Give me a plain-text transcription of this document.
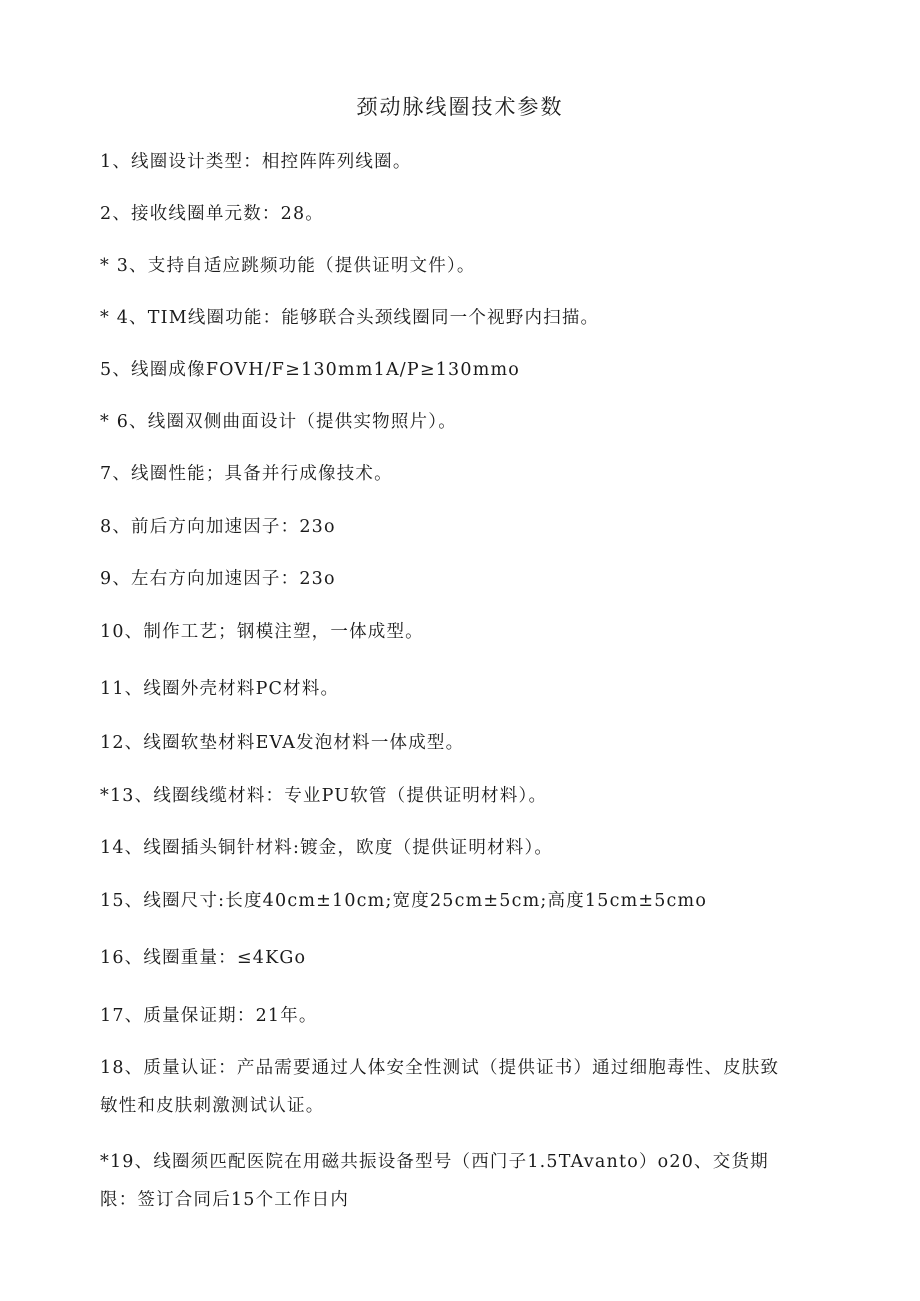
颈动脉线圈技术参数
1、线圈设计类型：相控阵阵列线圈。
2、接收线圈单元数：28。
* 3、支持自适应跳频功能（提供证明文件）。
* 4、TIM线圈功能：能够联合头颈线圈同一个视野内扫描。
5、线圈成像FOVH/F≥130mm1A/P≥130mmo
* 6、线圈双侧曲面设计（提供实物照片）。
7、线圈性能；具备并行成像技术。
8、前后方向加速因子：23o
9、左右方向加速因子：23o
10、制作工艺；钢模注塑，一体成型。
11、线圈外壳材料PC材料。
12、线圈软垫材料EVA发泡材料一体成型。
*13、线圈线缆材料：专业PU软管（提供证明材料）。
14、线圈插头铜针材料:镀金，欧度（提供证明材料）。
15、线圈尺寸:长度40cm±10cm;宽度25cm±5cm;高度15cm±5cmo
16、线圈重量：≤4KGo
17、质量保证期：21年。
18、质量认证：产品需要通过人体安全性测试（提供证书）通过细胞毒性、皮肤致敏性和皮肤刺激测试认证。
*19、线圈须匹配医院在用磁共振设备型号（西门子1.5TAvanto）o20、交货期限：签订合同后15个工作日内
